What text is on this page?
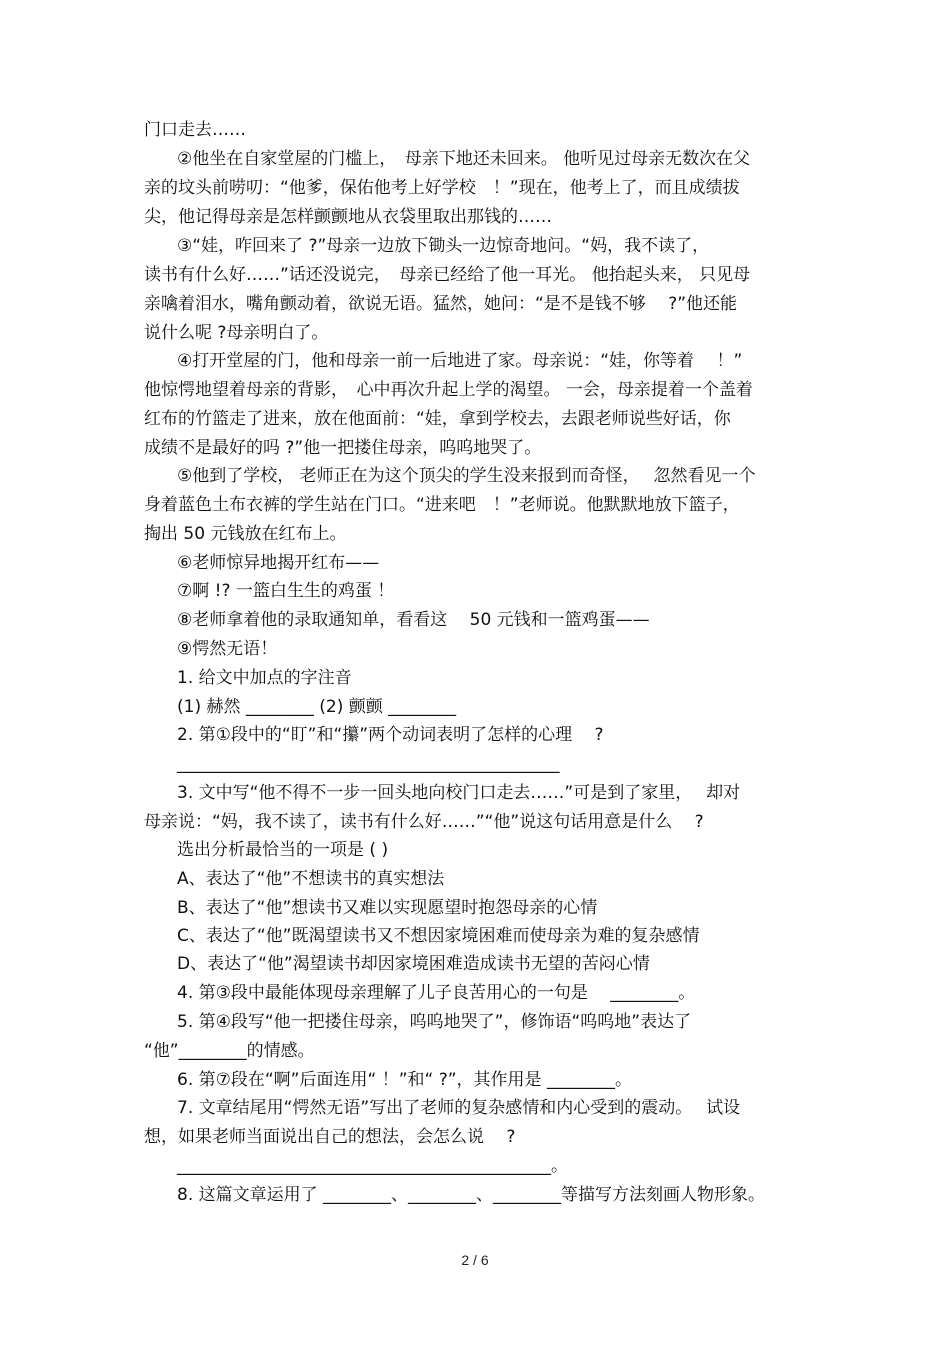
门口走去……
②他坐在自家堂屋的门槛上，　母亲下地还未回来。 他听见过母亲无数次在父
亲的坟头前唠叨：“他爹，保佑他考上好学校　！”现在，他考上了，而且成绩拔
尖，他记得母亲是怎样颤颤地从衣袋里取出那钱的……
③“娃，咋回来了 ?”母亲一边放下锄头一边惊奇地问。“妈，我不读了，
读书有什么好……”话还没说完，　母亲已经给了他一耳光。 他抬起头来， 只见母
亲噙着泪水，嘴角颤动着，欲说无语。猛然，她问：“是不是钱不够　 ?”他还能
说什么呢 ?母亲明白了。
④打开堂屋的门，他和母亲一前一后地进了家。母亲说：“娃，你等着　 ！”
他惊愕地望着母亲的背影，　心中再次升起上学的渴望。 一会，母亲提着一个盖着
红布的竹篮走了进来，放在他面前：“娃，拿到学校去，去跟老师说些好话，你
成绩不是最好的吗 ?”他一把搂住母亲，呜呜地哭了。
⑤他到了学校， 老师正在为这个顶尖的学生没来报到而奇怪，　 忽然看见一个
身着蓝色土布衣裤的学生站在门口。“进来吧　！”老师说。他默默地放下篮子，
掏出 50 元钱放在红布上。
⑥老师惊异地揭开红布——
⑦啊 !? 一篮白生生的鸡蛋 ！
⑧老师拿着他的录取通知单，看看这　 50 元钱和一篮鸡蛋——
⑨愕然无语！
1. 给文中加点的字注音
(1) 赫然 ________ (2) 颤颤 ________
2. 第①段中的“盯”和“攥”两个动词表明了怎样的心理　 ?
_____________________________________________
3. 文中写“他不得不一步一回头地向校门口走去……”可是到了家里，　 却对
母亲说：“妈，我不读了，读书有什么好……”“他”说这句话用意是什么　 ?
选出分析最恰当的一项是 ( )
A、表达了“他”不想读书的真实想法
B、表达了“他”想读书又难以实现愿望时抱怨母亲的心情
C、表达了“他”既渴望读书又不想因家境困难而使母亲为难的复杂感情
D、表达了“他”渴望读书却因家境困难造成读书无望的苦闷心情
4. 第③段中最能体现母亲理解了儿子良苦用心的一句是　 ________。
5. 第④段写“他一把搂住母亲，呜呜地哭了”，修饰语“呜呜地”表达了
“他”________的情感。
6. 第⑦段在“啊”后面连用“ ！”和“ ?”，其作用是 ________。
7. 文章结尾用“愕然无语”写出了老师的复杂感情和内心受到的震动。　 试设
想，如果老师当面说出自己的想法，会怎么说　 ?
____________________________________________。
8. 这篇文章运用了 ________、________、________等描写方法刻画人物形象。
2 / 6
